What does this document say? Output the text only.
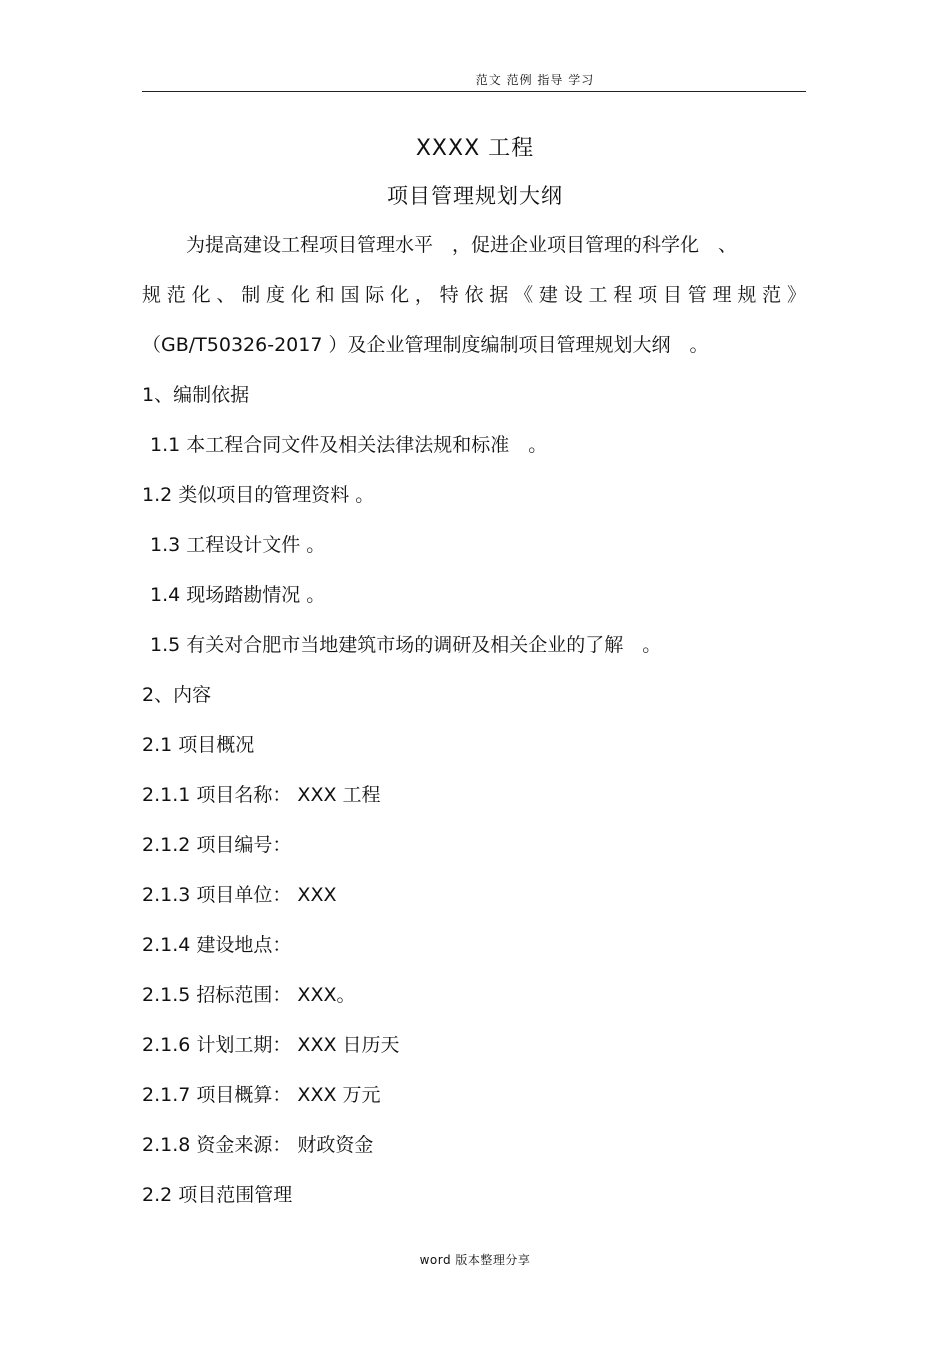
范文 范例 指导 学习
XXXX 工程
项目管理规划大纲
为提高建设工程项目管理水平　，促进企业项目管理的科学化　、
规范化、制度化和国际化，特依据《建设工程项目管理规范》
（GB/T50326-2017 ）及企业管理制度编制项目管理规划大纲　。
1、编制依据
1.1 本工程合同文件及相关法律法规和标准　。
1.2 类似项目的管理资料 。
1.3 工程设计文件 。
1.4 现场踏勘情况 。
1.5 有关对合肥市当地建筑市场的调研及相关企业的了解　。
2、内容
2.1 项目概况
2.1.1 项目名称： XXX 工程
2.1.2 项目编号：
2.1.3 项目单位： XXX
2.1.4 建设地点：
2.1.5 招标范围： XXX。
2.1.6 计划工期： XXX 日历天
2.1.7 项目概算： XXX 万元
2.1.8 资金来源： 财政资金
2.2 项目范围管理
word 版本整理分享
